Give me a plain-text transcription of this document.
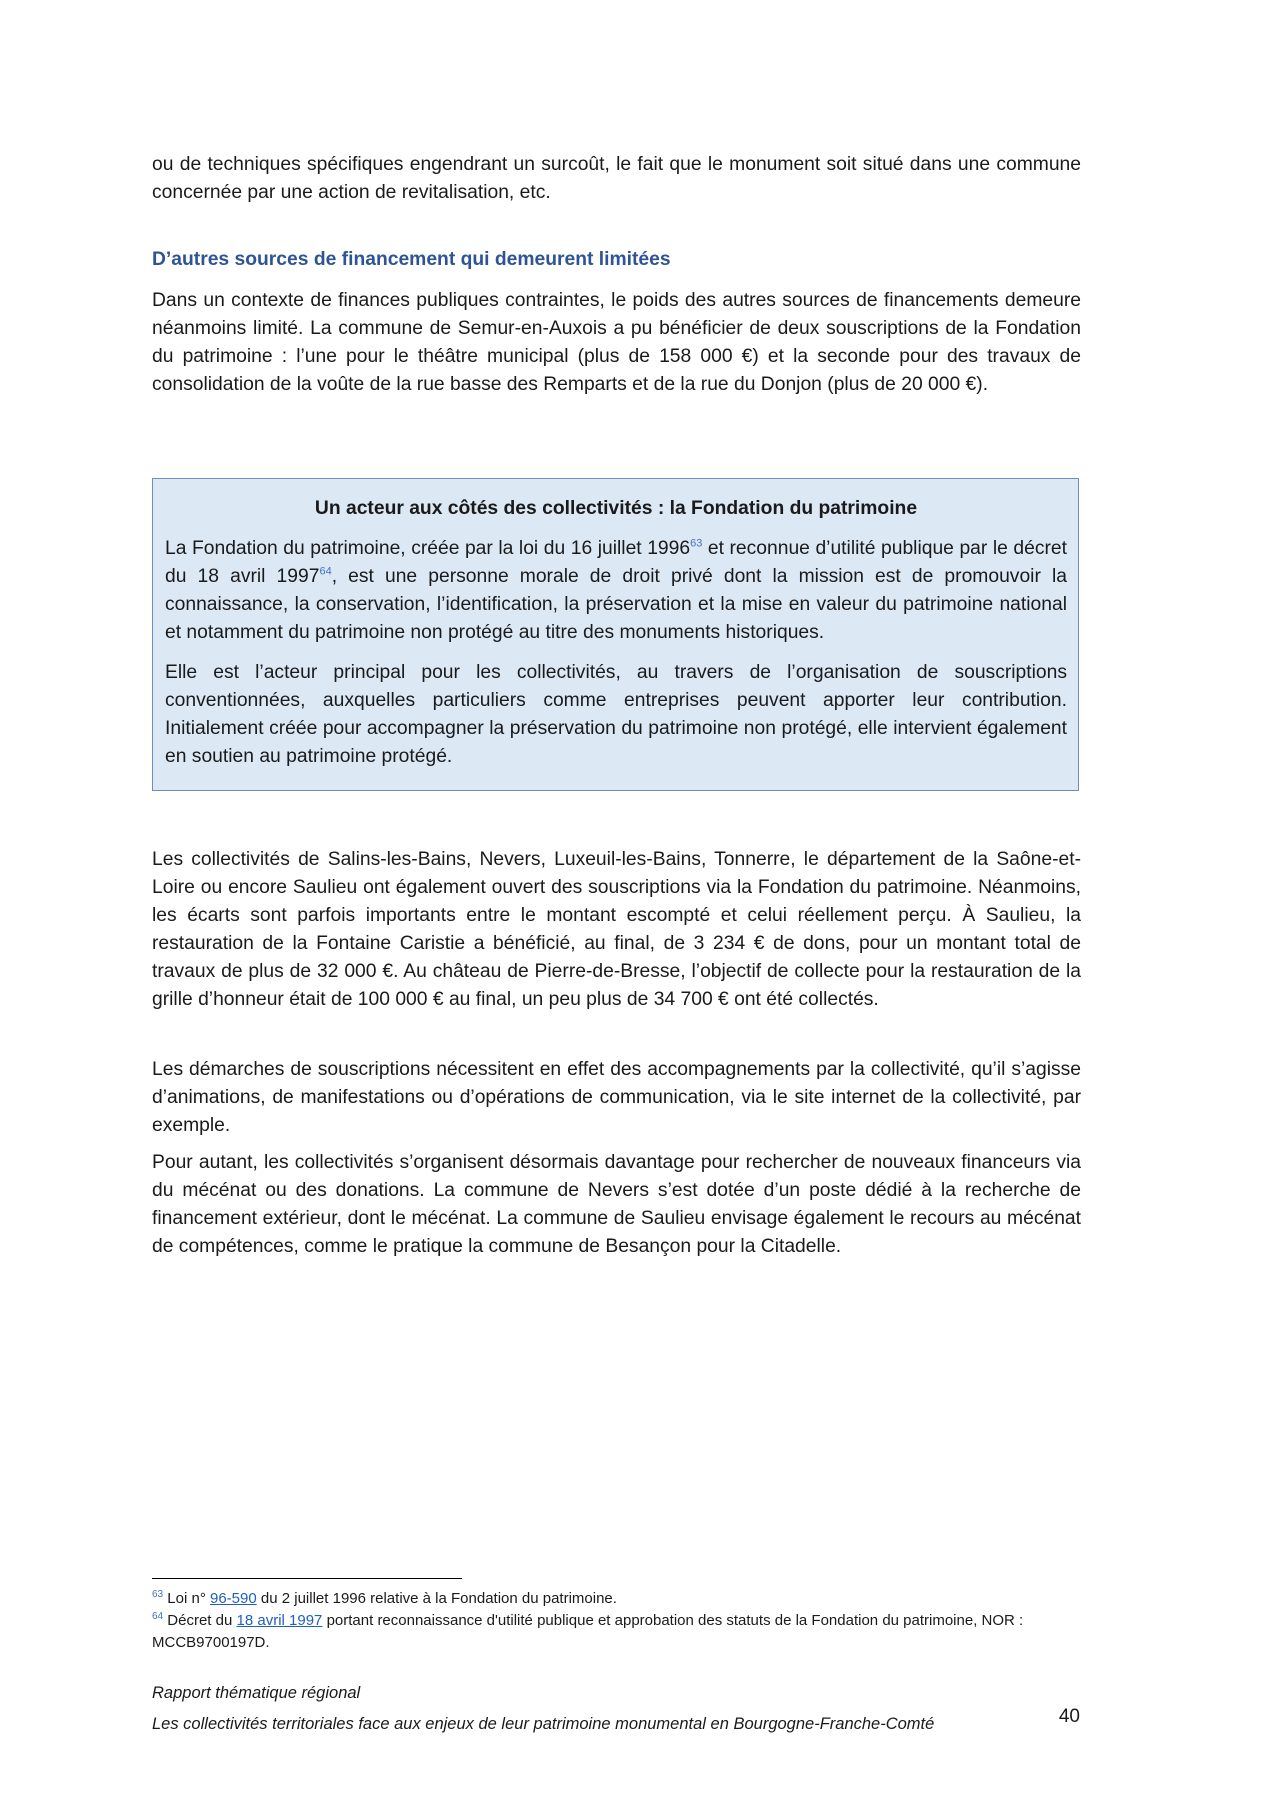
ou de techniques spécifiques engendrant un surcoût, le fait que le monument soit situé dans une commune concernée par une action de revitalisation, etc.

D’autres sources de financement qui demeurent limitées

Dans un contexte de finances publiques contraintes, le poids des autres sources de financements demeure néanmoins limité. La commune de Semur-en-Auxois a pu bénéficier de deux souscriptions de la Fondation du patrimoine : l’une pour le théâtre municipal (plus de 158 000 €) et la seconde pour des travaux de consolidation de la voûte de la rue basse des Remparts et de la rue du Donjon (plus de 20 000 €).

Un acteur aux côtés des collectivités : la Fondation du patrimoine

La Fondation du patrimoine, créée par la loi du 16 juillet 1996$^{63}$ et reconnue d’utilité publique par le décret du 18 avril 1997$^{64}$, est une personne morale de droit privé dont la mission est de promouvoir la connaissance, la conservation, l’identification, la préservation et la mise en valeur du patrimoine national et notamment du patrimoine non protégé au titre des monuments historiques.

Elle est l’acteur principal pour les collectivités, au travers de l’organisation de souscriptions conventionnées, auxquelles particuliers comme entreprises peuvent apporter leur contribution. Initialement créée pour accompagner la préservation du patrimoine non protégé, elle intervient également en soutien au patrimoine protégé.

Les collectivités de Salins-les-Bains, Nevers, Luxeuil-les-Bains, Tonnerre, le département de la Saône-et-Loire ou encore Saulieu ont également ouvert des souscriptions via la Fondation du patrimoine. Néanmoins, les écarts sont parfois importants entre le montant escompté et celui réellement perçu. À Saulieu, la restauration de la Fontaine Caristie a bénéficié, au final, de 3 234 € de dons, pour un montant total de travaux de plus de 32 000 €. Au château de Pierre-de-Bresse, l’objectif de collecte pour la restauration de la grille d’honneur était de 100 000 € au final, un peu plus de 34 700 € ont été collectés.

Les démarches de souscriptions nécessitent en effet des accompagnements par la collectivité, qu’il s’agisse d’animations, de manifestations ou d’opérations de communication, via le site internet de la collectivité, par exemple.

Pour autant, les collectivités s’organisent désormais davantage pour rechercher de nouveaux financeurs via du mécénat ou des donations. La commune de Nevers s’est dotée d’un poste dédié à la recherche de financement extérieur, dont le mécénat. La commune de Saulieu envisage également le recours au mécénat de compétences, comme le pratique la commune de Besançon pour la Citadelle.

$^{63}$ Loi n° 96-590 du 2 juillet 1996 relative à la Fondation du patrimoine.
$^{64}$ Décret du 18 avril 1997 portant reconnaissance d'utilité publique et approbation des statuts de la Fondation du patrimoine, NOR : MCCB9700197D.
Rapport thématique régional
Les collectivités territoriales face aux enjeux de leur patrimoine monumental en Bourgogne-Franche-Comté	40
